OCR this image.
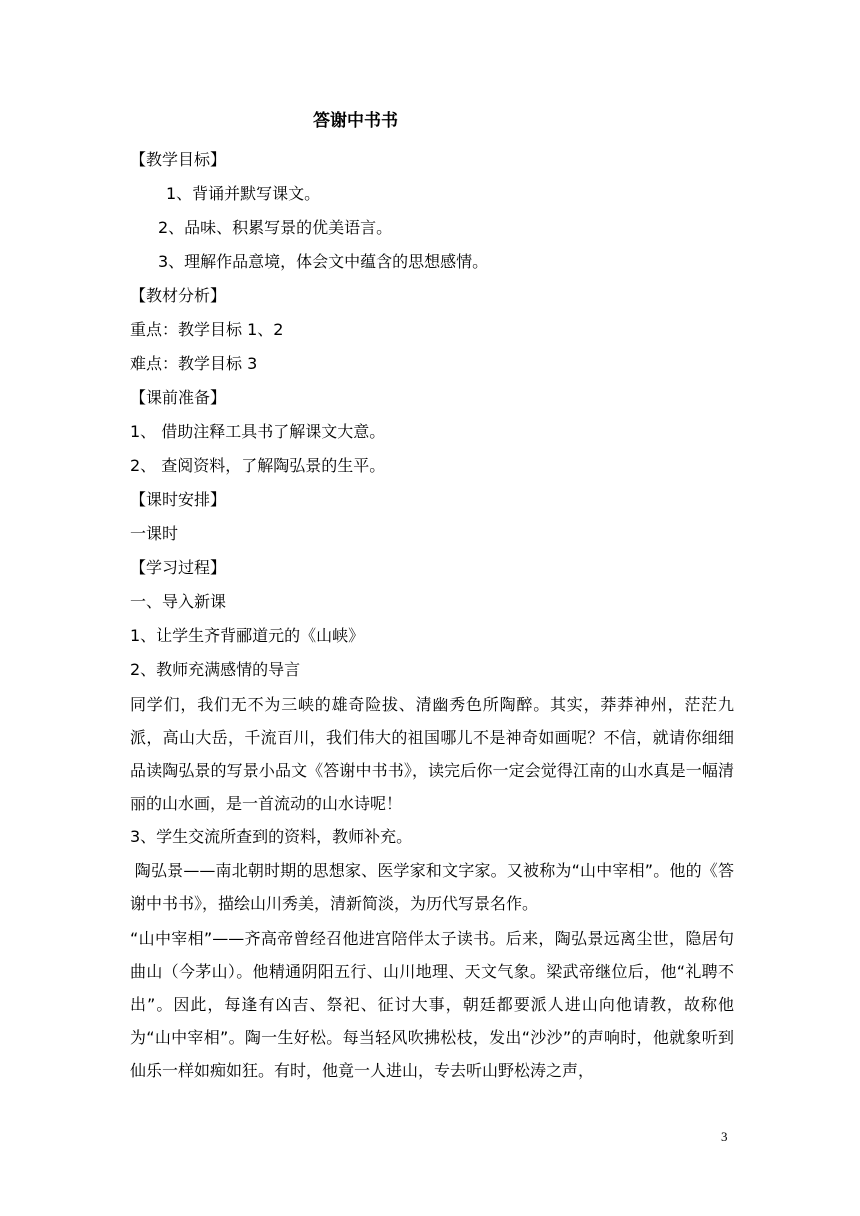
答谢中书书
【教学目标】
1、背诵并默写课文。
2、品味、积累写景的优美语言。
3、理解作品意境，体会文中蕴含的思想感情。
【教材分析】
重点：教学目标 1、2
难点：教学目标 3
【课前准备】
1、 借助注释工具书了解课文大意。
2、 查阅资料，了解陶弘景的生平。
【课时安排】
一课时
【学习过程】
一、导入新课
1、让学生齐背郦道元的《山峡》
2、教师充满感情的导言
同学们，我们无不为三峡的雄奇险拔、清幽秀色所陶醉。其实，莽莽神州，茫茫九派，高山大岳，千流百川，我们伟大的祖国哪儿不是神奇如画呢？不信，就请你细细品读陶弘景的写景小品文《答谢中书书》，读完后你一定会觉得江南的山水真是一幅清丽的山水画，是一首流动的山水诗呢！
3、学生交流所查到的资料，教师补充。
陶弘景——南北朝时期的思想家、医学家和文字家。又被称为“山中宰相”。他的《答谢中书书》，描绘山川秀美，清新简淡，为历代写景名作。
“山中宰相”——齐高帝曾经召他进宫陪伴太子读书。后来，陶弘景远离尘世，隐居句曲山（今茅山）。他精通阴阳五行、山川地理、天文气象。梁武帝继位后，他“礼聘不出”。因此，每逢有凶吉、祭祀、征讨大事，朝廷都要派人进山向他请教，故称他为“山中宰相”。陶一生好松。每当轻风吹拂松枝，发出“沙沙”的声响时，他就象听到仙乐一样如痴如狂。有时，他竟一人进山，专去听山野松涛之声，
3
